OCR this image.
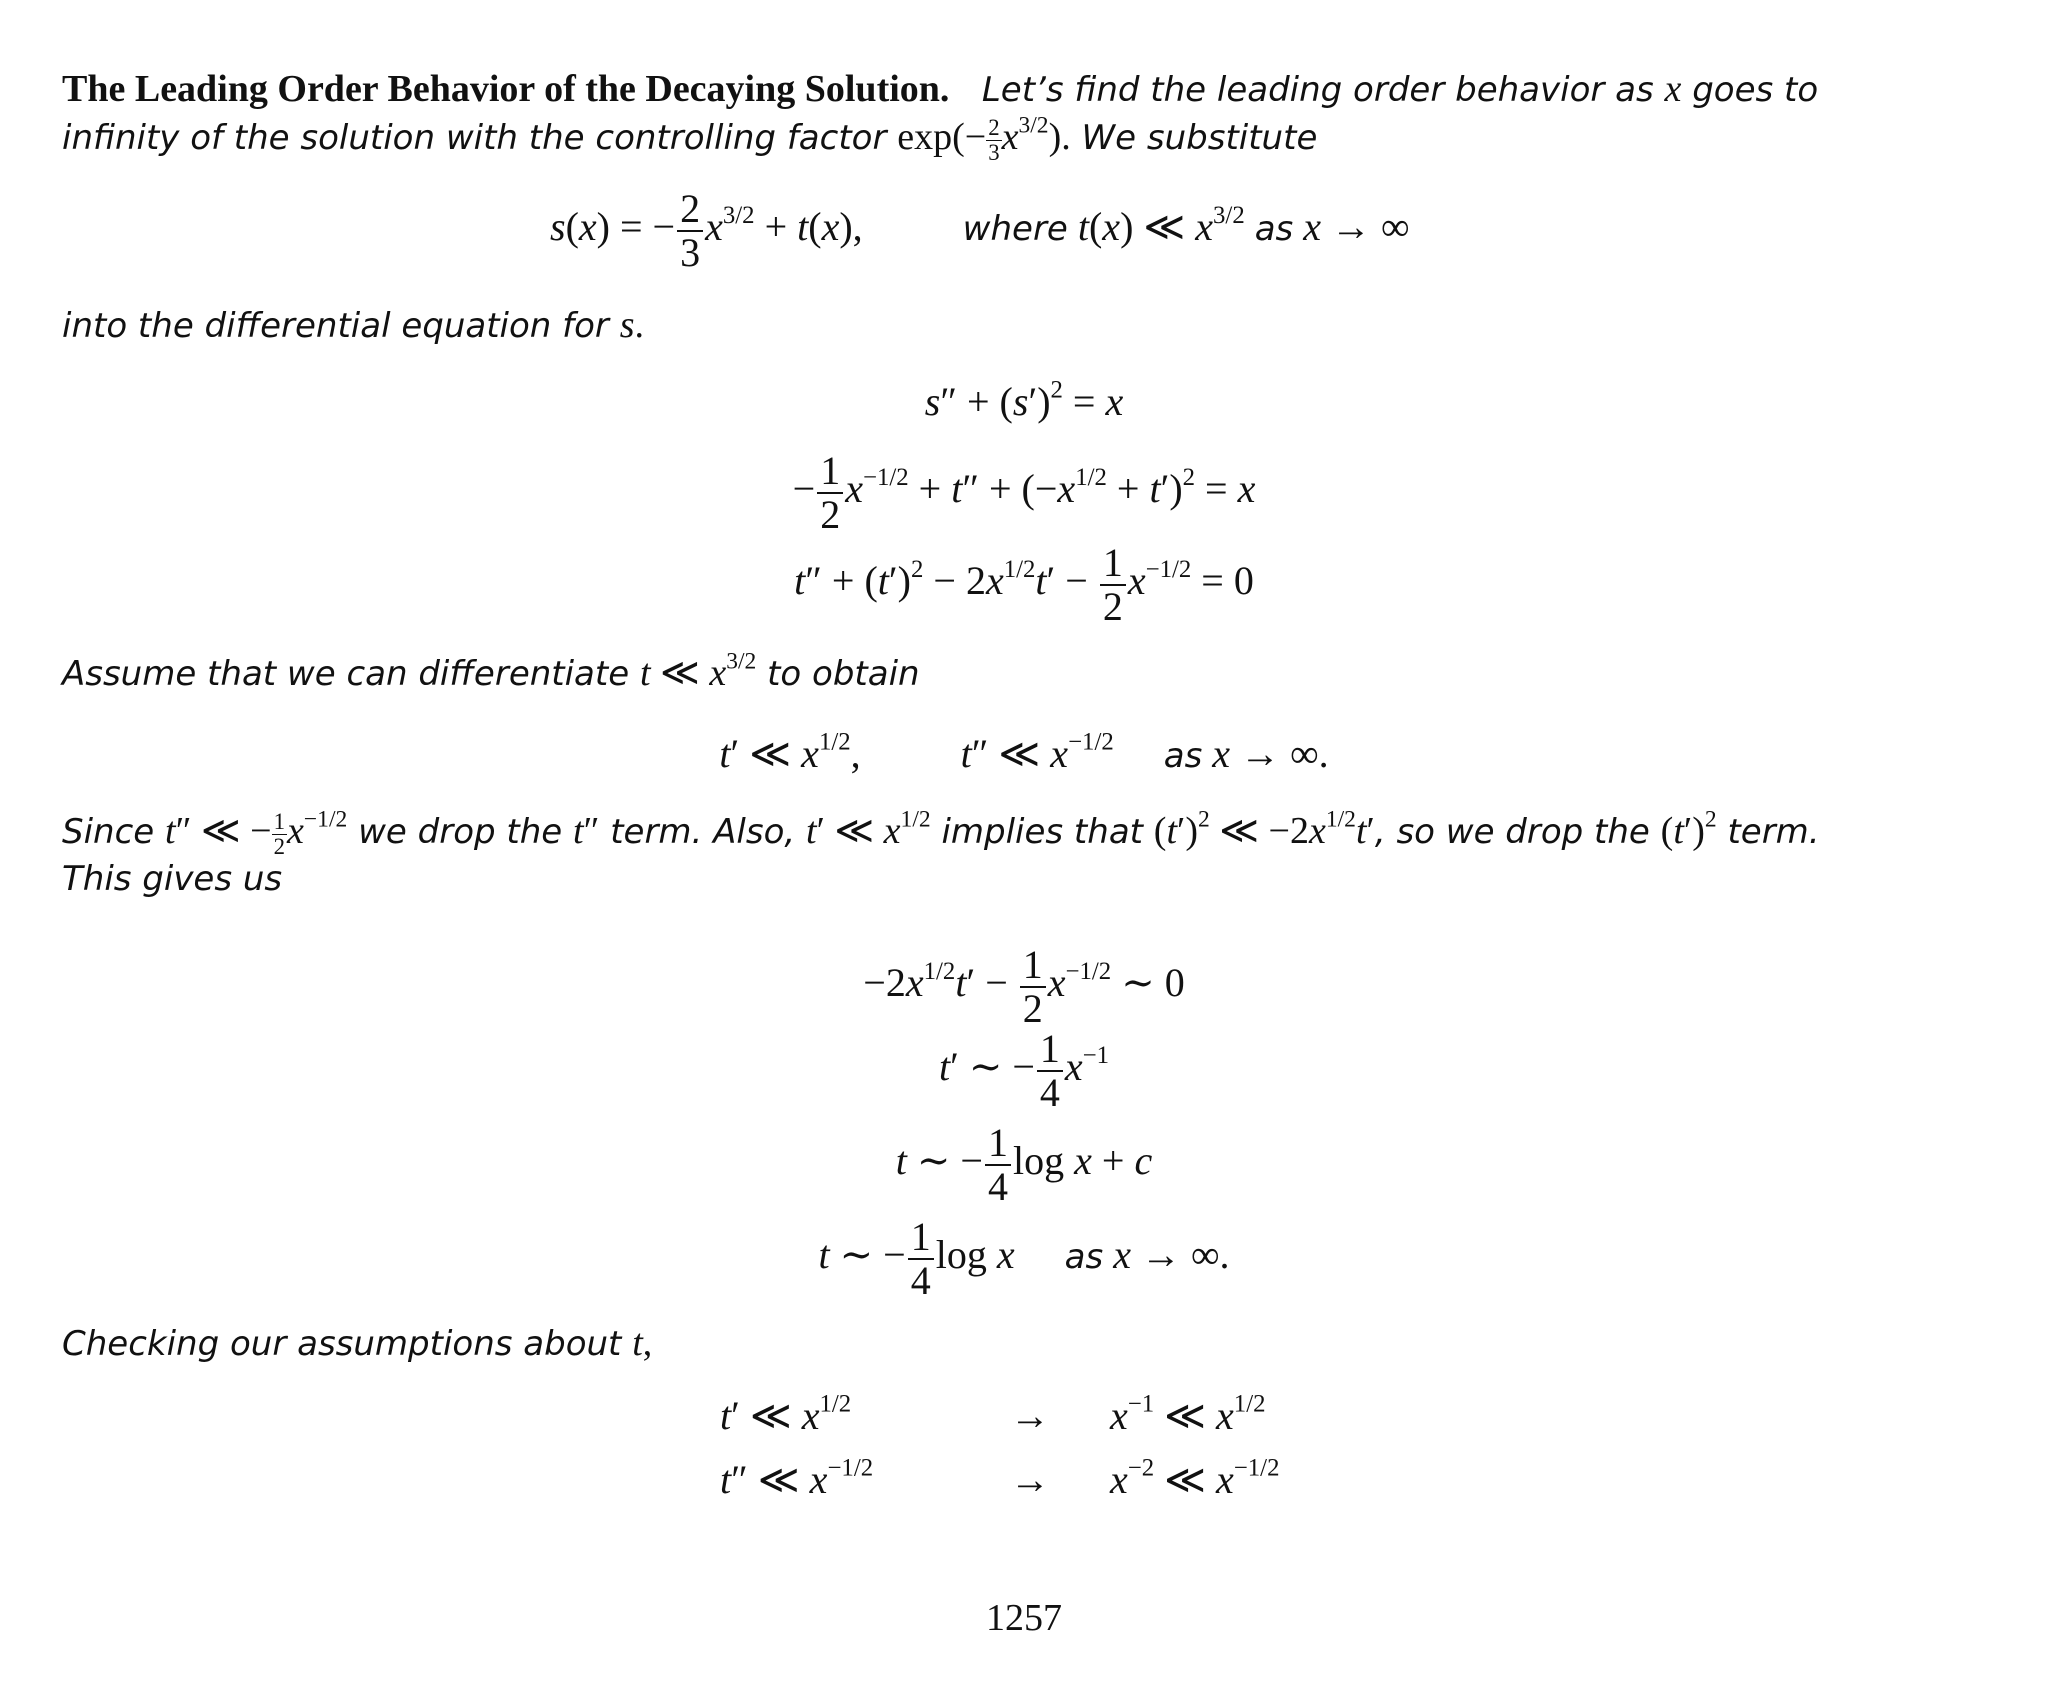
The Leading Order Behavior of the Decaying Solution. Let’s find the leading order behavior as x goes to
infinity of the solution with the controlling factor $\exp(- \frac{2}{3} x^{3/2})$. We substitute
s(x) = − $\frac{2}{3} x^{3/2} + t(x)$,	where t(x) ≪ $x^{3/2}$ as x → ∞
into the differential equation for s.
$s'' + (s')^2 = x$
− $\frac{1}{2} x^{-1/2} + t'' + (-x^{1/2} + t')^2 = x$
$t'' + (t')^2 - 2x^{1/2}t' - \frac{1}{2} x^{-1/2} = 0$
Assume that we can differentiate t ≪ $x^{3/2}$ to obtain
t′ ≪ $x^{1/2}$,  t″ ≪ $x^{-1/2}$ as x → ∞.
Since t″ ≪ − $\frac{1}{2} x^{-1/2}$ we drop the t″ term. Also, t′ ≪ $x^{1/2}$ implies that $(t')^2$ ≪ $-2x^{1/2}t'$, so we drop the $(t')^2$ term.
This gives us
$-2x^{1/2}t' - \frac{1}{2} x^{-1/2}$ ∼ 0
t′ ∼ − $\frac{1}{4} x^{-1}$
t ∼ − $\frac{1}{4}$ log x + c
t ∼ − $\frac{1}{4}$ log x  as x → ∞.
Checking our assumptions about t,
t′ ≪ $x^{1/2}$	→ $x^{-1}$ ≪ $x^{1/2}$
t″ ≪ $x^{-1/2}$	→ $x^{-2}$ ≪ $x^{-1/2}$
1257
